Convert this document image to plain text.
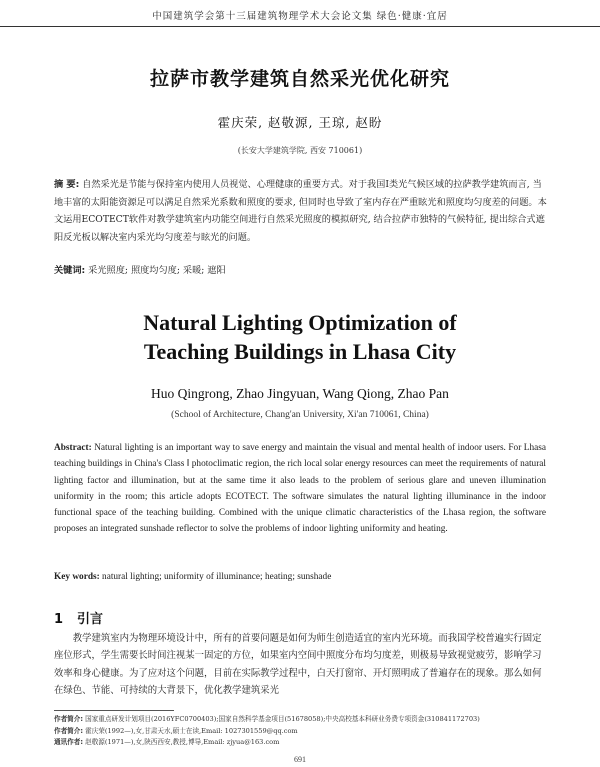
中国建筑学会第十三届建筑物理学术大会论文集 绿色·健康·宜居
拉萨市教学建筑自然采光优化研究
霍庆荣, 赵敬源, 王琼, 赵盼
(长安大学建筑学院, 西安 710061)
摘 要: 自然采光是节能与保持室内使用人员视觉、心理健康的重要方式。对于我国Ⅰ类光气候区域的拉萨教学建筑而言, 当地丰富的太阳能资源足可以满足自然采光系数和照度的要求, 但同时也导致了室内存在严重眩光和照度均匀度差的问题。本文运用ECOTECT软件对教学建筑室内功能空间进行自然采光照度的模拟研究, 结合拉萨市独特的气候特征, 提出综合式遮阳反光板以解决室内采光均匀度差与眩光的问题。
关键词: 采光照度; 照度均匀度; 采暖; 遮阳
Natural Lighting Optimization of
Teaching Buildings in Lhasa City
Huo Qingrong, Zhao Jingyuan, Wang Qiong, Zhao Pan
(School of Architecture, Chang'an University, Xi'an 710061, China)
Abstract: Natural lighting is an important way to save energy and maintain the visual and mental health of indoor users. For Lhasa teaching buildings in China's Class Ⅰ photoclimatic region, the rich local solar energy resources can meet the requirements of natural lighting factor and illumination, but at the same time it also leads to the problem of serious glare and uneven illumination uniformity in the room; this article adopts ECOTECT. The software simulates the natural lighting illuminance in the indoor functional space of the teaching building. Combined with the unique climatic characteristics of the Lhasa region, the software proposes an integrated sunshade reflector to solve the problems of indoor lighting uniformity and heating.
Key words: natural lighting; uniformity of illuminance; heating; sunshade
1 引言
教学建筑室内为物理环境设计中，所有的首要问题是如何为师生创造适宜的室内光环境。而我国学校普遍实行固定座位形式，学生需要长时间注视某一固定的方位，如果室内空间中照度分布均匀度差，则极易导致视觉疲劳，影响学习效率和身心健康。为了应对这个问题，目前在实际教学过程中，白天打窗帘、开灯照明成了普遍存在的现象。那么如何在绿色、节能、可持续的大背景下，优化教学建筑采光
作者简介: 国家重点研发计划项目(2016YFC0700403);国家自然科学基金项目(51678058);中央高校基本科研业务费专项资金(310841172703)
作者简介: 霍庆荣(1992—),女,甘肃天水,硕士在读,Email: 1027301559@qq.com
通讯作者: 赵敬源(1971—),女,陕西西安,教授,博导,Email: zjyua@163.com
691
